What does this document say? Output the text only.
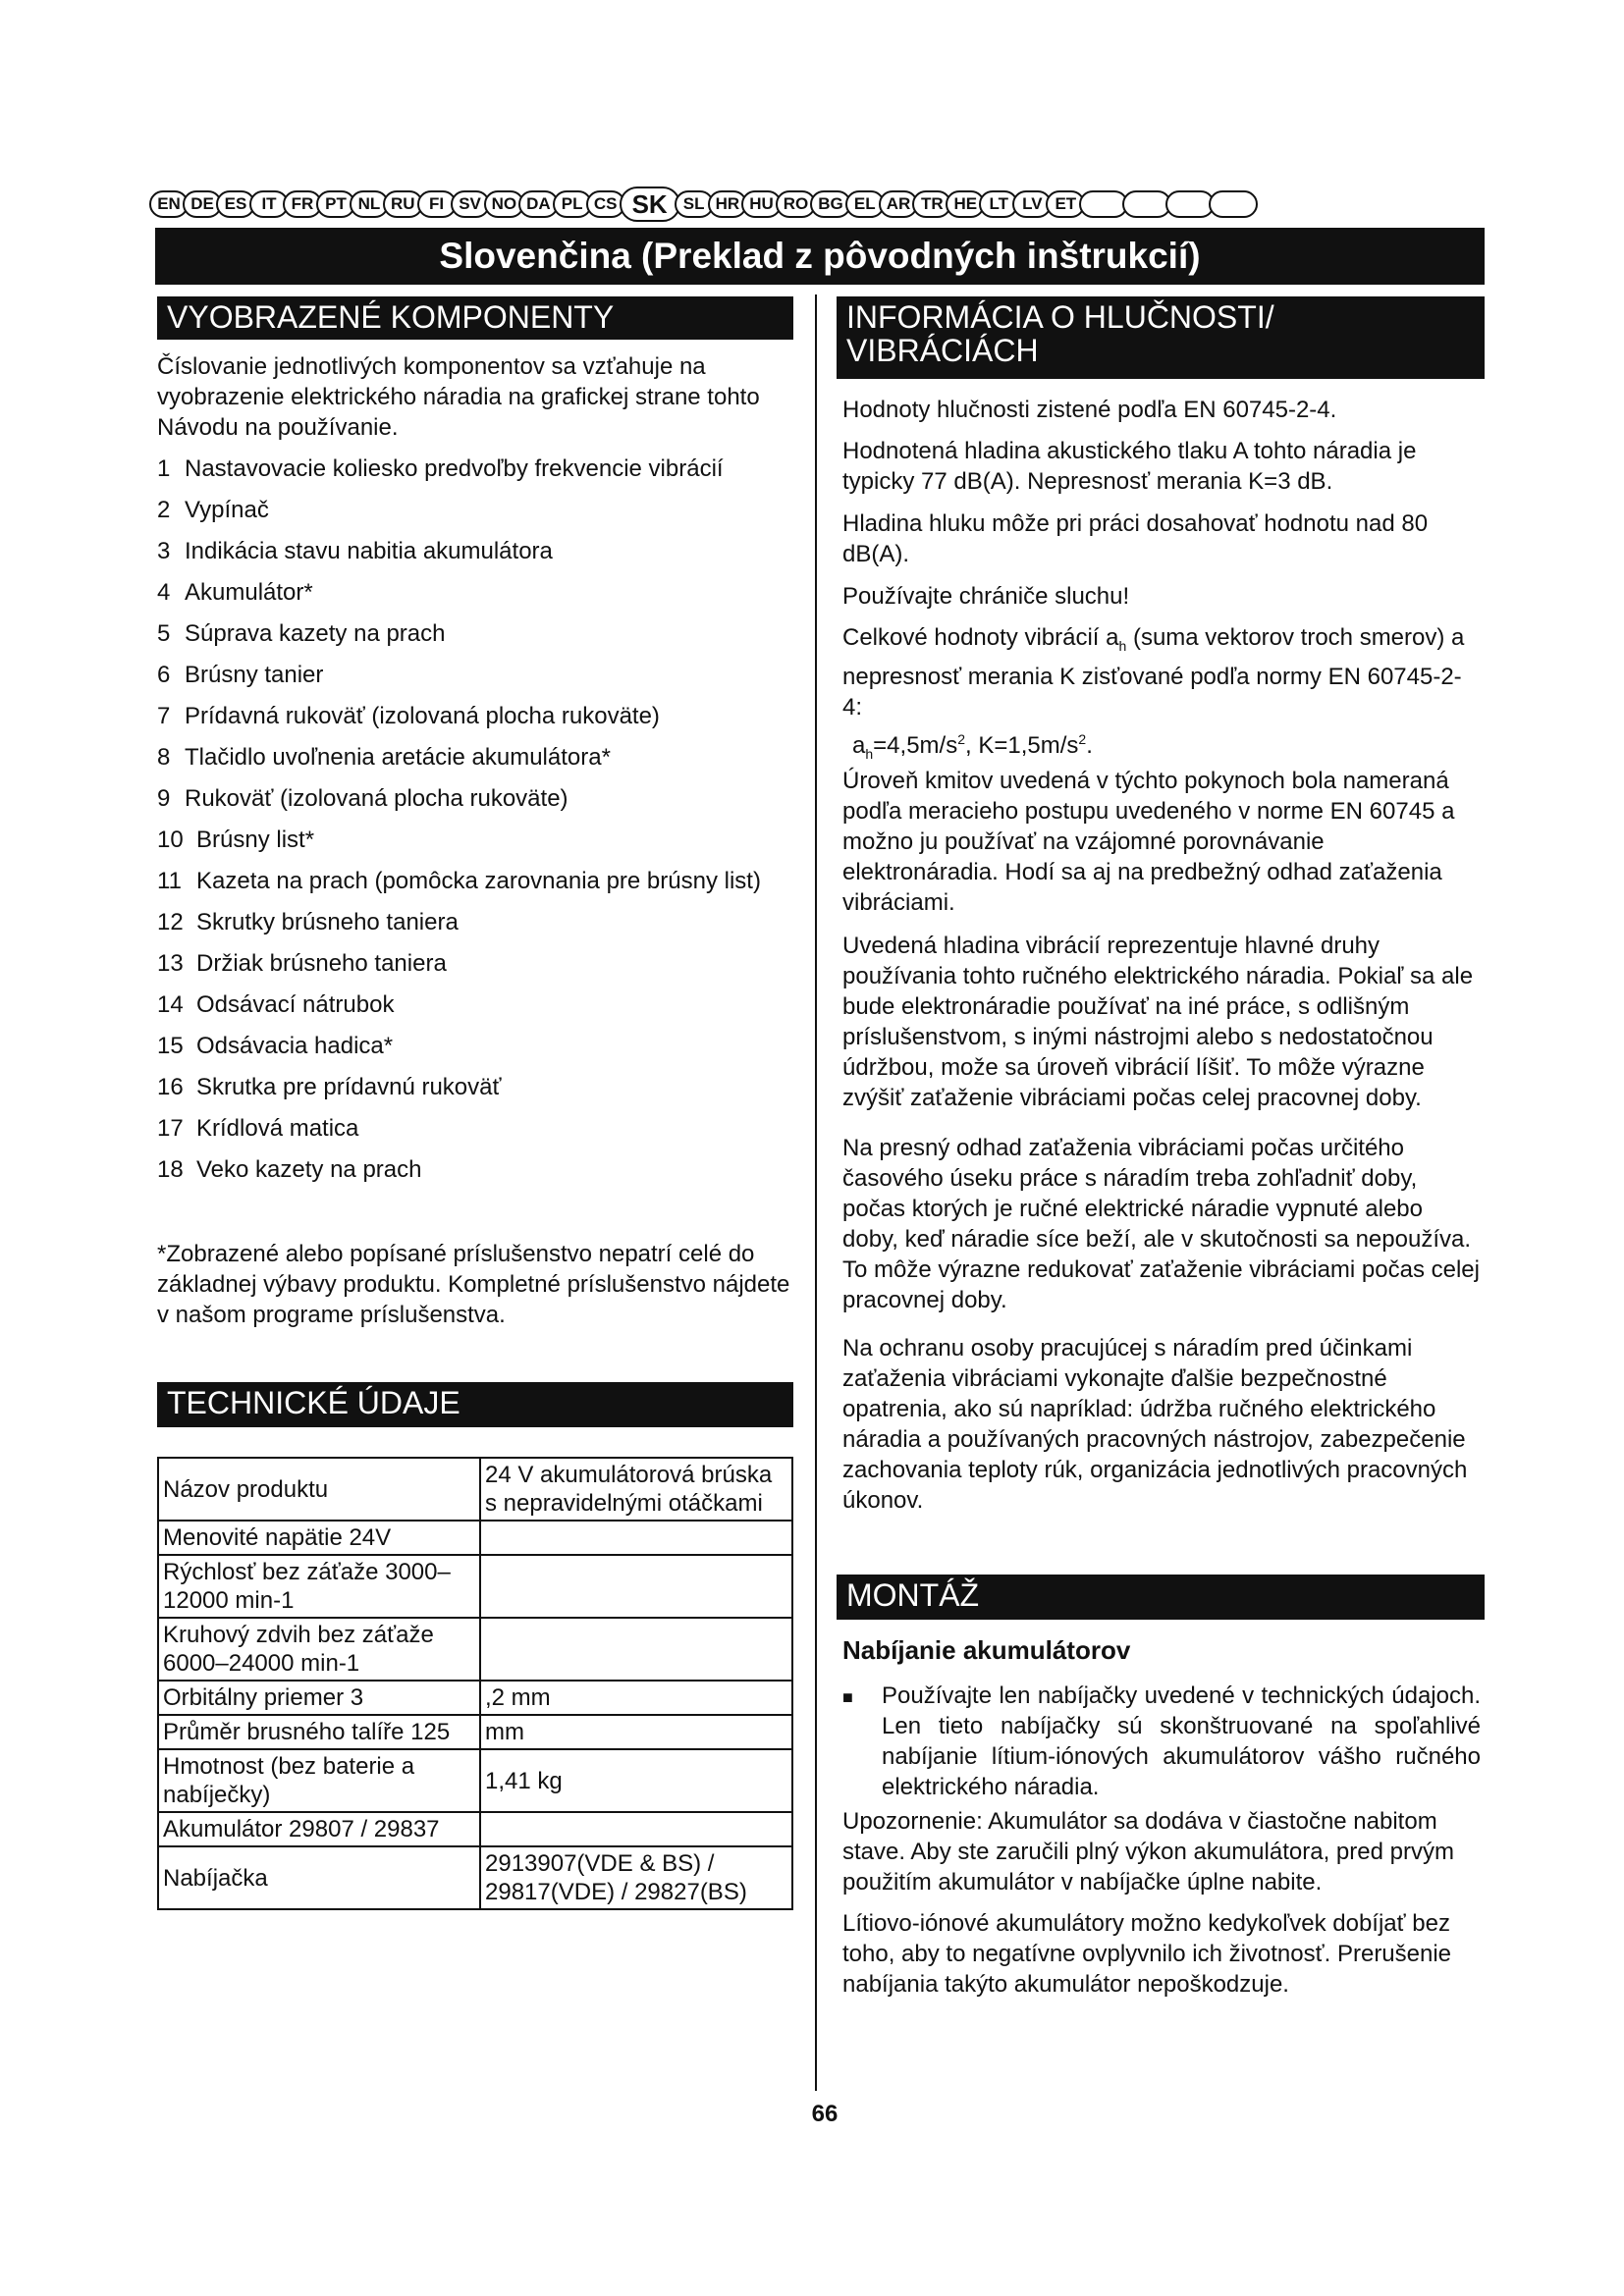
EN DE ES IT FR PT NL RU FI SV NO DA PL CS SK SL HR HU RO BG EL AR TR HE LT LV ET
Slovenčina (Preklad z pôvodných inštrukcií)
VYOBRAZENÉ KOMPONENTY
Číslovanie jednotlivých komponentov sa vzťahuje na vyobrazenie elektrického náradia na grafickej strane tohto Návodu na používanie.
1 Nastavovacie koliesko predvoľby frekvencie vibrácií
2 Vypínač
3 Indikácia stavu nabitia akumulátora
4 Akumulátor*
5 Súprava kazety na prach
6 Brúsny tanier
7 Prídavná rukoväť (izolovaná plocha rukoväte)
8 Tlačidlo uvoľnenia aretácie akumulátora*
9 Rukoväť (izolovaná plocha rukoväte)
10 Brúsny list*
11 Kazeta na prach (pomôcka zarovnania pre brúsny list)
12 Skrutky brúsneho taniera
13 Držiak brúsneho taniera
14 Odsávací nátrubok
15 Odsávacia hadica*
16 Skrutka pre prídavnú rukoväť
17 Krídlová matica
18 Veko kazety na prach
*Zobrazené alebo popísané príslušenstvo nepatrí celé do základnej výbavy produktu. Kompletné príslušenstvo nájdete v našom programe príslušenstva.
TECHNICKÉ ÚDAJE
Názov produktu	24 V akumulátorová brúska s nepravidelnými otáčkami
Menovité napätie 24V	
Rýchlosť bez záťaže 3000–12000 min-1	
Kruhový zdvih bez záťaže 6000–24000 min-1	
Orbitálny priemer 3	,2 mm
Průměr brusného talíře 125	mm
Hmotnost (bez baterie a nabíječky)	1,41 kg
Akumulátor 29807 / 29837	
Nabíjačka	2913907(VDE & BS) / 29817(VDE) / 29827(BS)
INFORMÁCIA O HLUČNOSTI/ VIBRÁCIÁCH
Hodnoty hlučnosti zistené podľa EN 60745-2-4.
Hodnotená hladina akustického tlaku A tohto náradia je typicky 77 dB(A). Nepresnosť merania K=3 dB.
Hladina hluku môže pri práci dosahovať hodnotu nad 80 dB(A).
Používajte chrániče sluchu!
Celkové hodnoty vibrácií $a_h$ (suma vektorov troch smerov) a nepresnosť merania K zisťované podľa normy EN 60745-2-4:
$a_h=4,5m/s^2$, $K=1,5m/s^2$.
Úroveň kmitov uvedená v týchto pokynoch bola nameraná podľa meracieho postupu uvedeného v norme EN 60745 a možno ju používať na vzájomné porovnávanie elektronáradia. Hodí sa aj na predbežný odhad zaťaženia vibráciami.
Uvedená hladina vibrácií reprezentuje hlavné druhy používania tohto ručného elektrického náradia. Pokiaľ sa ale bude elektronáradie používať na iné práce, s odlišným príslušenstvom, s inými nástrojmi alebo s nedostatočnou údržbou, može sa úroveň vibrácií líšiť. To môže výrazne zvýšiť zaťaženie vibráciami počas celej pracovnej doby.
Na presný odhad zaťaženia vibráciami počas určitého časového úseku práce s náradím treba zohľadniť doby, počas ktorých je ručné elektrické náradie vypnuté alebo doby, keď náradie síce beží, ale v skutočnosti sa nepoužíva. To môže výrazne redukovať zaťaženie vibráciami počas celej pracovnej doby.
Na ochranu osoby pracujúcej s náradím pred účinkami zaťaženia vibráciami vykonajte ďalšie bezpečnostné opatrenia, ako sú napríklad: údržba ručného elektrického náradia a používaných pracovných nástrojov, zabezpečenie zachovania teploty rúk, organizácia jednotlivých pracovných úkonov.
MONTÁŽ
Nabíjanie akumulátorov
■	Používajte len nabíjačky uvedené v technických údajoch. Len tieto nabíjačky sú skonštruované na spoľahlivé nabíjanie lítium-iónových akumulátorov vášho ručného elektrického náradia.
Upozornenie: Akumulátor sa dodáva v čiastočne nabitom stave. Aby ste zaručili plný výkon akumulátora, pred prvým použitím akumulátor v nabíjačke úplne nabite.
Lítiovo-iónové akumulátory možno kedykoľvek dobíjať bez toho, aby to negatívne ovplyvnilo ich životnosť. Prerušenie nabíjania takýto akumulátor nepoškodzuje.
66
